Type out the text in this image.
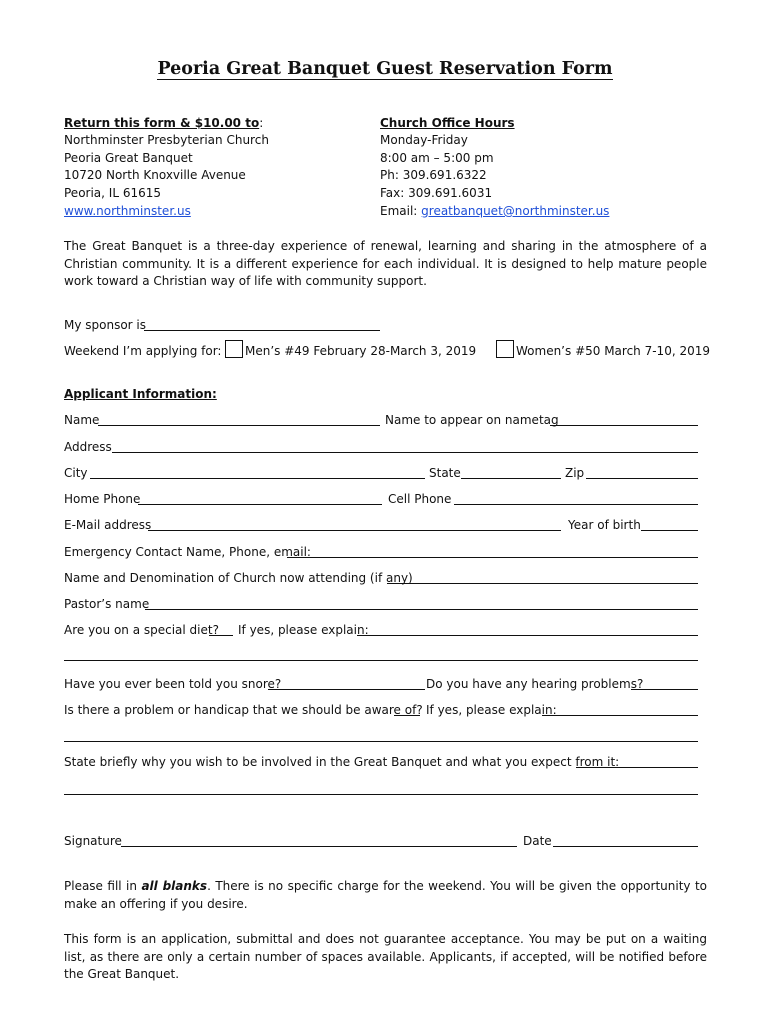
Peoria Great Banquet Guest Reservation Form
Return this form & $10.00 to:
Northminster Presbyterian Church
Peoria Great Banquet
10720 North Knoxville Avenue
Peoria, IL 61615
www.northminster.us
Church Office Hours
Monday-Friday
8:00 am – 5:00 pm
Ph: 309.691.6322
Fax: 309.691.6031
Email: greatbanquet@northminster.us
The Great Banquet is a three-day experience of renewal, learning and sharing in the atmosphere of a Christian community. It is a different experience for each individual. It is designed to help mature people work toward a Christian way of life with community support.
My sponsor is
Weekend I’m applying for: Men’s #49 February 28-March 3, 2019	Women’s #50 March 7-10, 2019
Applicant Information:
Name	Name to appear on nametag
Address
City	State	Zip
Home Phone	Cell Phone
E-Mail address	Year of birth
Emergency Contact Name, Phone, email:
Name and Denomination of Church now attending (if any)
Pastor’s name
Are you on a special diet? If yes, please explain:
Have you ever been told you snore?	Do you have any hearing problems?
Is there a problem or handicap that we should be aware of? If yes, please explain:
State briefly why you wish to be involved in the Great Banquet and what you expect from it:
Signature	Date
Please fill in all blanks. There is no specific charge for the weekend. You will be given the opportunity to make an offering if you desire.
This form is an application, submittal and does not guarantee acceptance. You may be put on a waiting list, as there are only a certain number of spaces available. Applicants, if accepted, will be notified before the Great Banquet.
